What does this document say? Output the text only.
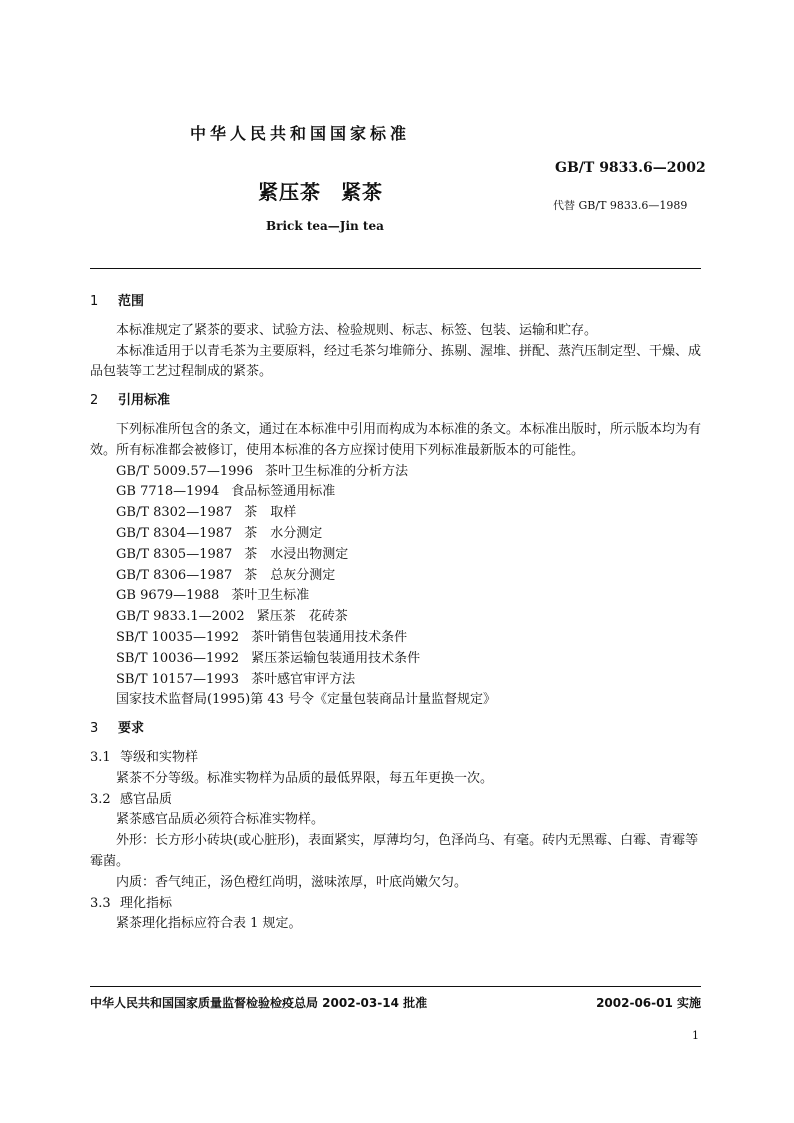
中华人民共和国国家标准
GB/T 9833.6—2002
代替 GB/T 9833.6—1989
紧压茶 紧茶
Brick tea—Jin tea

1 范围

本标准规定了紧茶的要求、试验方法、检验规则、标志、标签、包装、运输和贮存。

本标准适用于以青毛茶为主要原料，经过毛茶匀堆筛分、拣剔、渥堆、拼配、蒸汽压制定型、干燥、成品包装等工艺过程制成的紧茶。

2 引用标准

下列标准所包含的条文，通过在本标准中引用而构成为本标准的条文。本标准出版时，所示版本均为有效。所有标准都会被修订，使用本标准的各方应探讨使用下列标准最新版本的可能性。

GB/T 5009.57—1996 茶叶卫生标准的分析方法

GB 7718—1994 食品标签通用标准

GB/T 8302—1987 茶　取样

GB/T 8304—1987 茶　水分测定

GB/T 8305—1987 茶　水浸出物测定

GB/T 8306—1987 茶　总灰分测定

GB 9679—1988 茶叶卫生标准

GB/T 9833.1—2002 紧压茶　花砖茶

SB/T 10035—1992 茶叶销售包装通用技术条件

SB/T 10036—1992 紧压茶运输包装通用技术条件

SB/T 10157—1993 茶叶感官审评方法

国家技术监督局(1995)第 43 号令《定量包装商品计量监督规定》

3 要求

3.1 等级和实物样

紧茶不分等级。标准实物样为品质的最低界限，每五年更换一次。

3.2 感官品质

紧茶感官品质必须符合标准实物样。

外形：长方形小砖块(或心脏形)，表面紧实，厚薄均匀，色泽尚乌、有毫。砖内无黑霉、白霉、青霉等霉菌。

内质：香气纯正，汤色橙红尚明，滋味浓厚，叶底尚嫩欠匀。

3.3 理化指标

紧茶理化指标应符合表 1 规定。

中华人民共和国国家质量监督检验检疫总局 2002-03-14 批准	2002-06-01 实施
1
